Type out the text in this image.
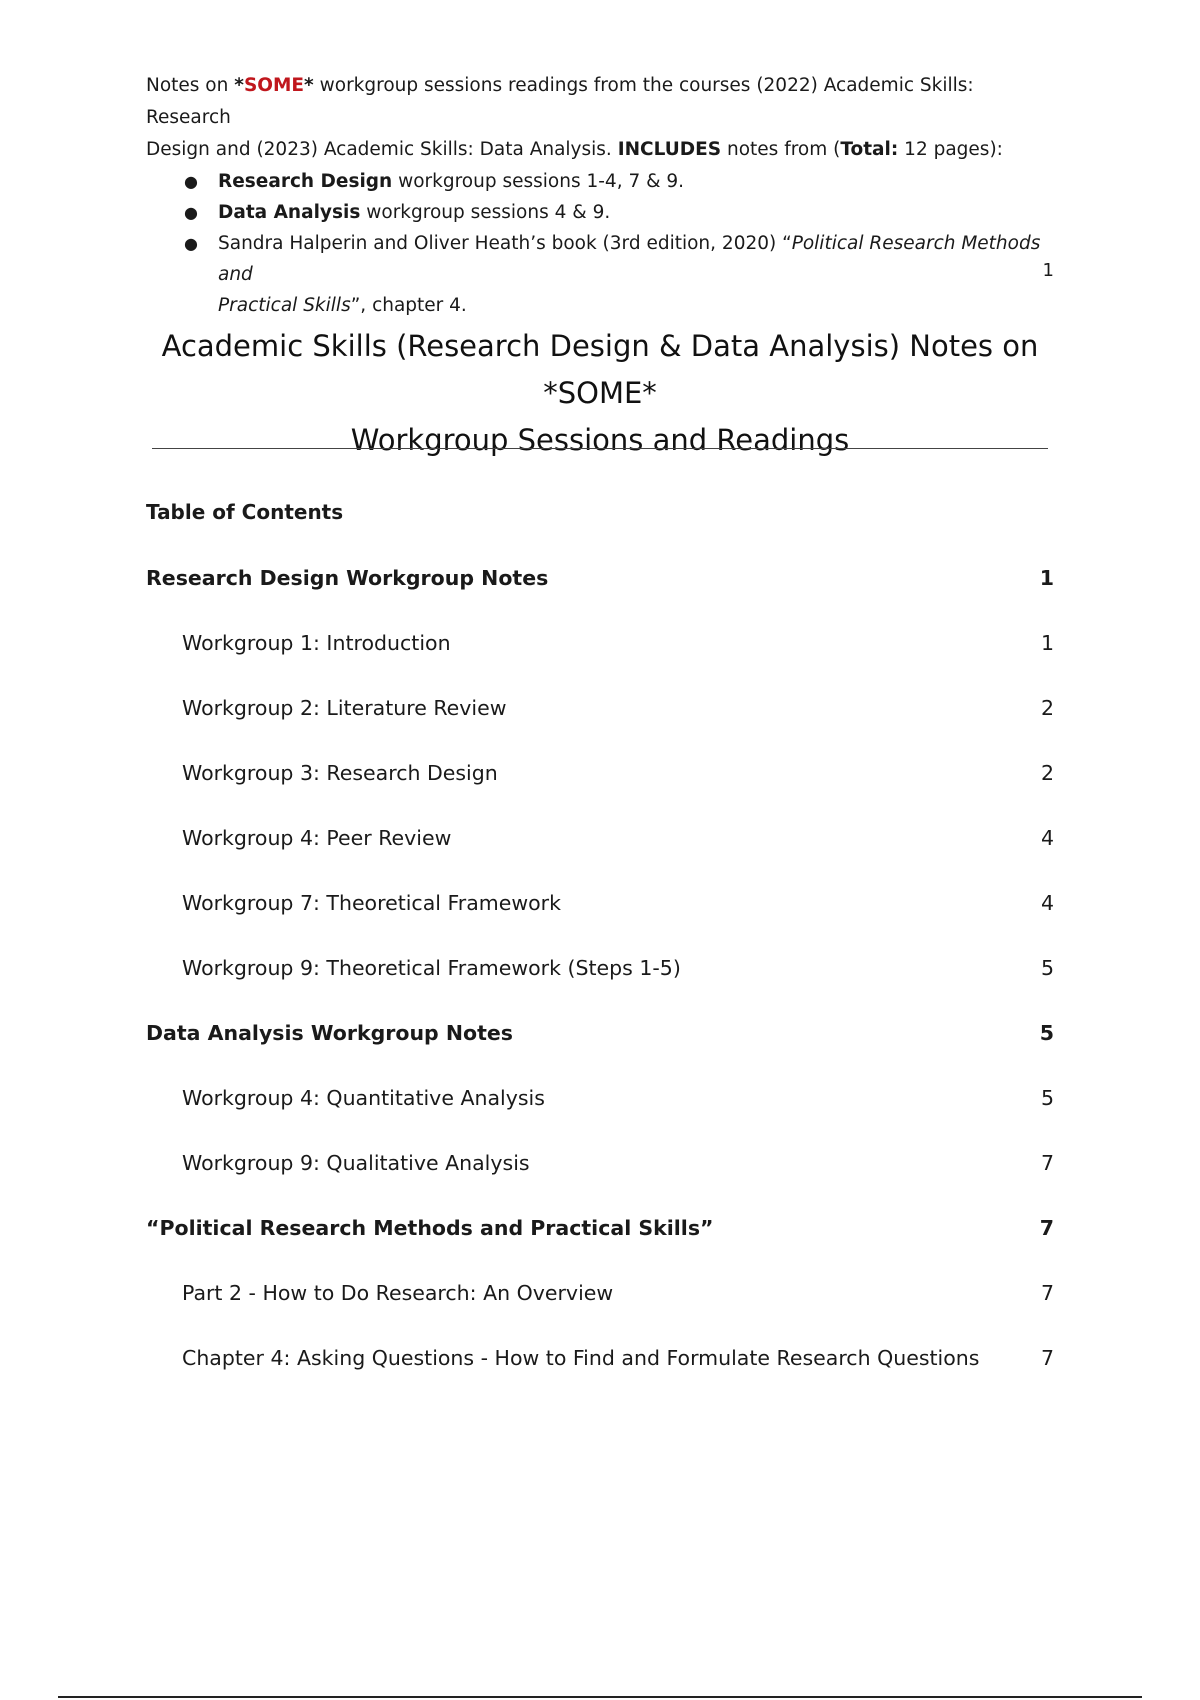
Notes on *SOME* workgroup sessions readings from the courses (2022) Academic Skills: Research

Design and (2023) Academic Skills: Data Analysis. INCLUDES notes from (Total: 12 pages):

● Research Design workgroup sessions 1-4, 7 & 9.
● Data Analysis workgroup sessions 4 & 9.
● Sandra Halperin and Oliver Heath’s book (3rd edition, 2020) “Political Research Methods and
Practical Skills”, chapter 4.
1
Academic Skills (Research Design & Data Analysis) Notes on *SOME*
Workgroup Sessions and Readings
Table of Contents
Research Design Workgroup Notes	1
Workgroup 1: Introduction	1
Workgroup 2: Literature Review	2
Workgroup 3: Research Design	2
Workgroup 4: Peer Review	4
Workgroup 7: Theoretical Framework	4
Workgroup 9: Theoretical Framework (Steps 1-5)	5
Data Analysis Workgroup Notes	5
Workgroup 4: Quantitative Analysis	5
Workgroup 9: Qualitative Analysis	7
“Political Research Methods and Practical Skills”	7
Part 2 - How to Do Research: An Overview	7
Chapter 4: Asking Questions - How to Find and Formulate Research Questions	7
